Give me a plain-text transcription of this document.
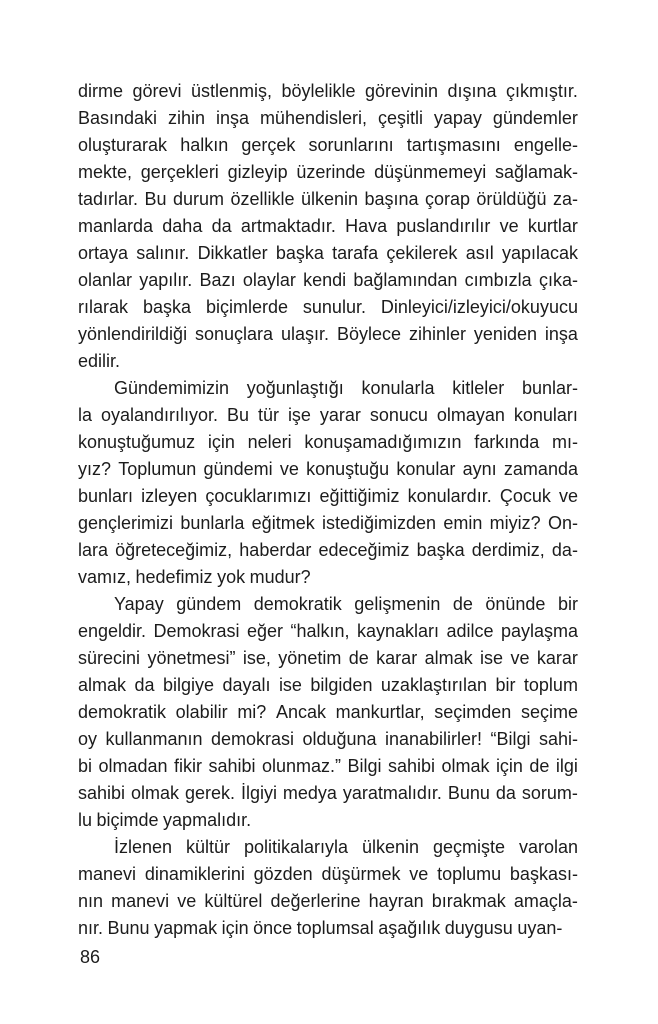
dirme görevi üstlenmiş, böylelikle görevinin dışına çıkmıştır.
Basındaki zihin inşa mühendisleri, çeşitli yapay gündemler
oluşturarak halkın gerçek sorunlarını tartışmasını engelle-
mekte, gerçekleri gizleyip üzerinde düşünmemeyi sağlamak-
tadırlar. Bu durum özellikle ülkenin başına çorap örüldüğü za-
manlarda daha da artmaktadır. Hava puslandırılır ve kurtlar
ortaya salınır. Dikkatler başka tarafa çekilerek asıl yapılacak
olanlar yapılır. Bazı olaylar kendi bağlamından cımbızla çıka-
rılarak başka biçimlerde sunulur. Dinleyici/izleyici/okuyucu
yönlendirildiği sonuçlara ulaşır. Böylece zihinler yeniden inşa
edilir.
Gündemimizin yoğunlaştığı konularla kitleler bunlar-
la oyalandırılıyor. Bu tür işe yarar sonucu olmayan konuları
konuştuğumuz için neleri konuşamadığımızın farkında mı-
yız? Toplumun gündemi ve konuştuğu konular aynı zamanda
bunları izleyen çocuklarımızı eğittiğimiz konulardır. Çocuk ve
gençlerimizi bunlarla eğitmek istediğimizden emin miyiz? On-
lara öğreteceğimiz, haberdar edeceğimiz başka derdimiz, da-
vamız, hedefimiz yok mudur?
Yapay gündem demokratik gelişmenin de önünde bir
engeldir. Demokrasi eğer “halkın, kaynakları adilce paylaşma
sürecini yönetmesi” ise, yönetim de karar almak ise ve karar
almak da bilgiye dayalı ise bilgiden uzaklaştırılan bir toplum
demokratik olabilir mi? Ancak mankurtlar, seçimden seçime
oy kullanmanın demokrasi olduğuna inanabilirler! “Bilgi sahi-
bi olmadan fikir sahibi olunmaz.” Bilgi sahibi olmak için de ilgi
sahibi olmak gerek. İlgiyi medya yaratmalıdır. Bunu da sorum-
lu biçimde yapmalıdır.
İzlenen kültür politikalarıyla ülkenin geçmişte varolan
manevi dinamiklerini gözden düşürmek ve toplumu başkası-
nın manevi ve kültürel değerlerine hayran bırakmak amaçla-
nır. Bunu yapmak için önce toplumsal aşağılık duygusu uyan-
86
